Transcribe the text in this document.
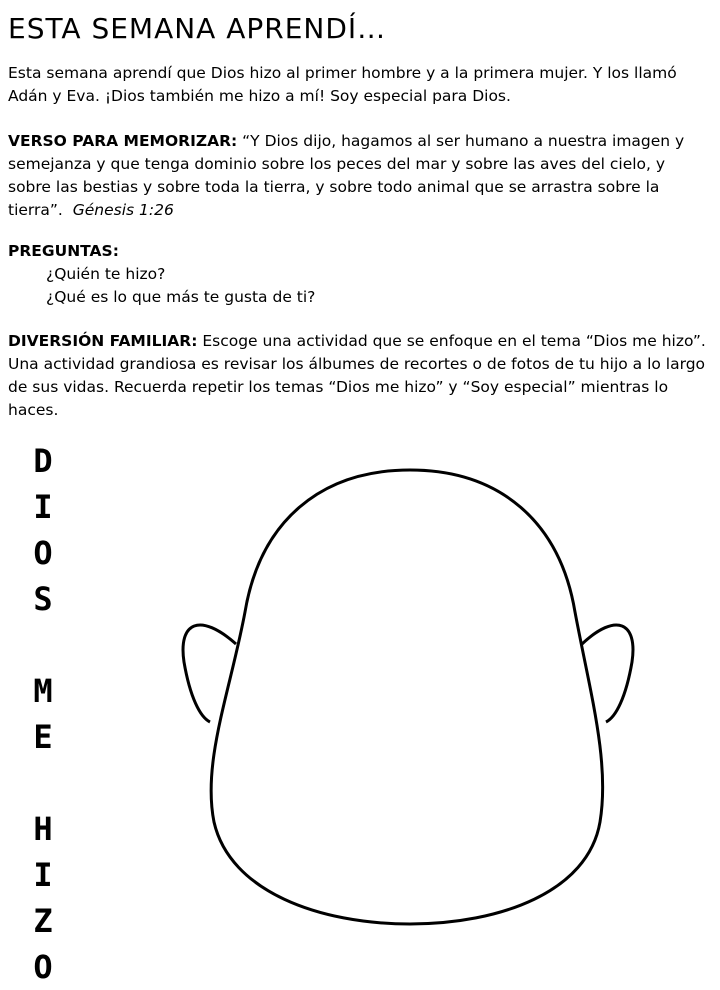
ESTA SEMANA APRENDÍ…
Esta semana aprendí que Dios hizo al primer hombre y a la primera mujer. Y los llamó Adán y Eva. ¡Dios también me hizo a mí! Soy especial para Dios.
VERSO PARA MEMORIZAR: “Y Dios dijo, hagamos al ser humano a nuestra imagen y semejanza y que tenga dominio sobre los peces del mar y sobre las aves del cielo, y sobre las bestias y sobre toda la tierra, y sobre todo animal que se arrastra sobre la tierra”. Génesis 1:26
PREGUNTAS:
¿Quién te hizo?
¿Qué es lo que más te gusta de ti?
DIVERSIÓN FAMILIAR: Escoge una actividad que se enfoque en el tema “Dios me hizo”. Una actividad grandiosa es revisar los álbumes de recortes o de fotos de tu hijo a lo largo de sus vidas. Recuerda repetir los temas “Dios me hizo” y “Soy especial” mientras lo haces.
D
I
O
S
M
E
H
I
Z
O
